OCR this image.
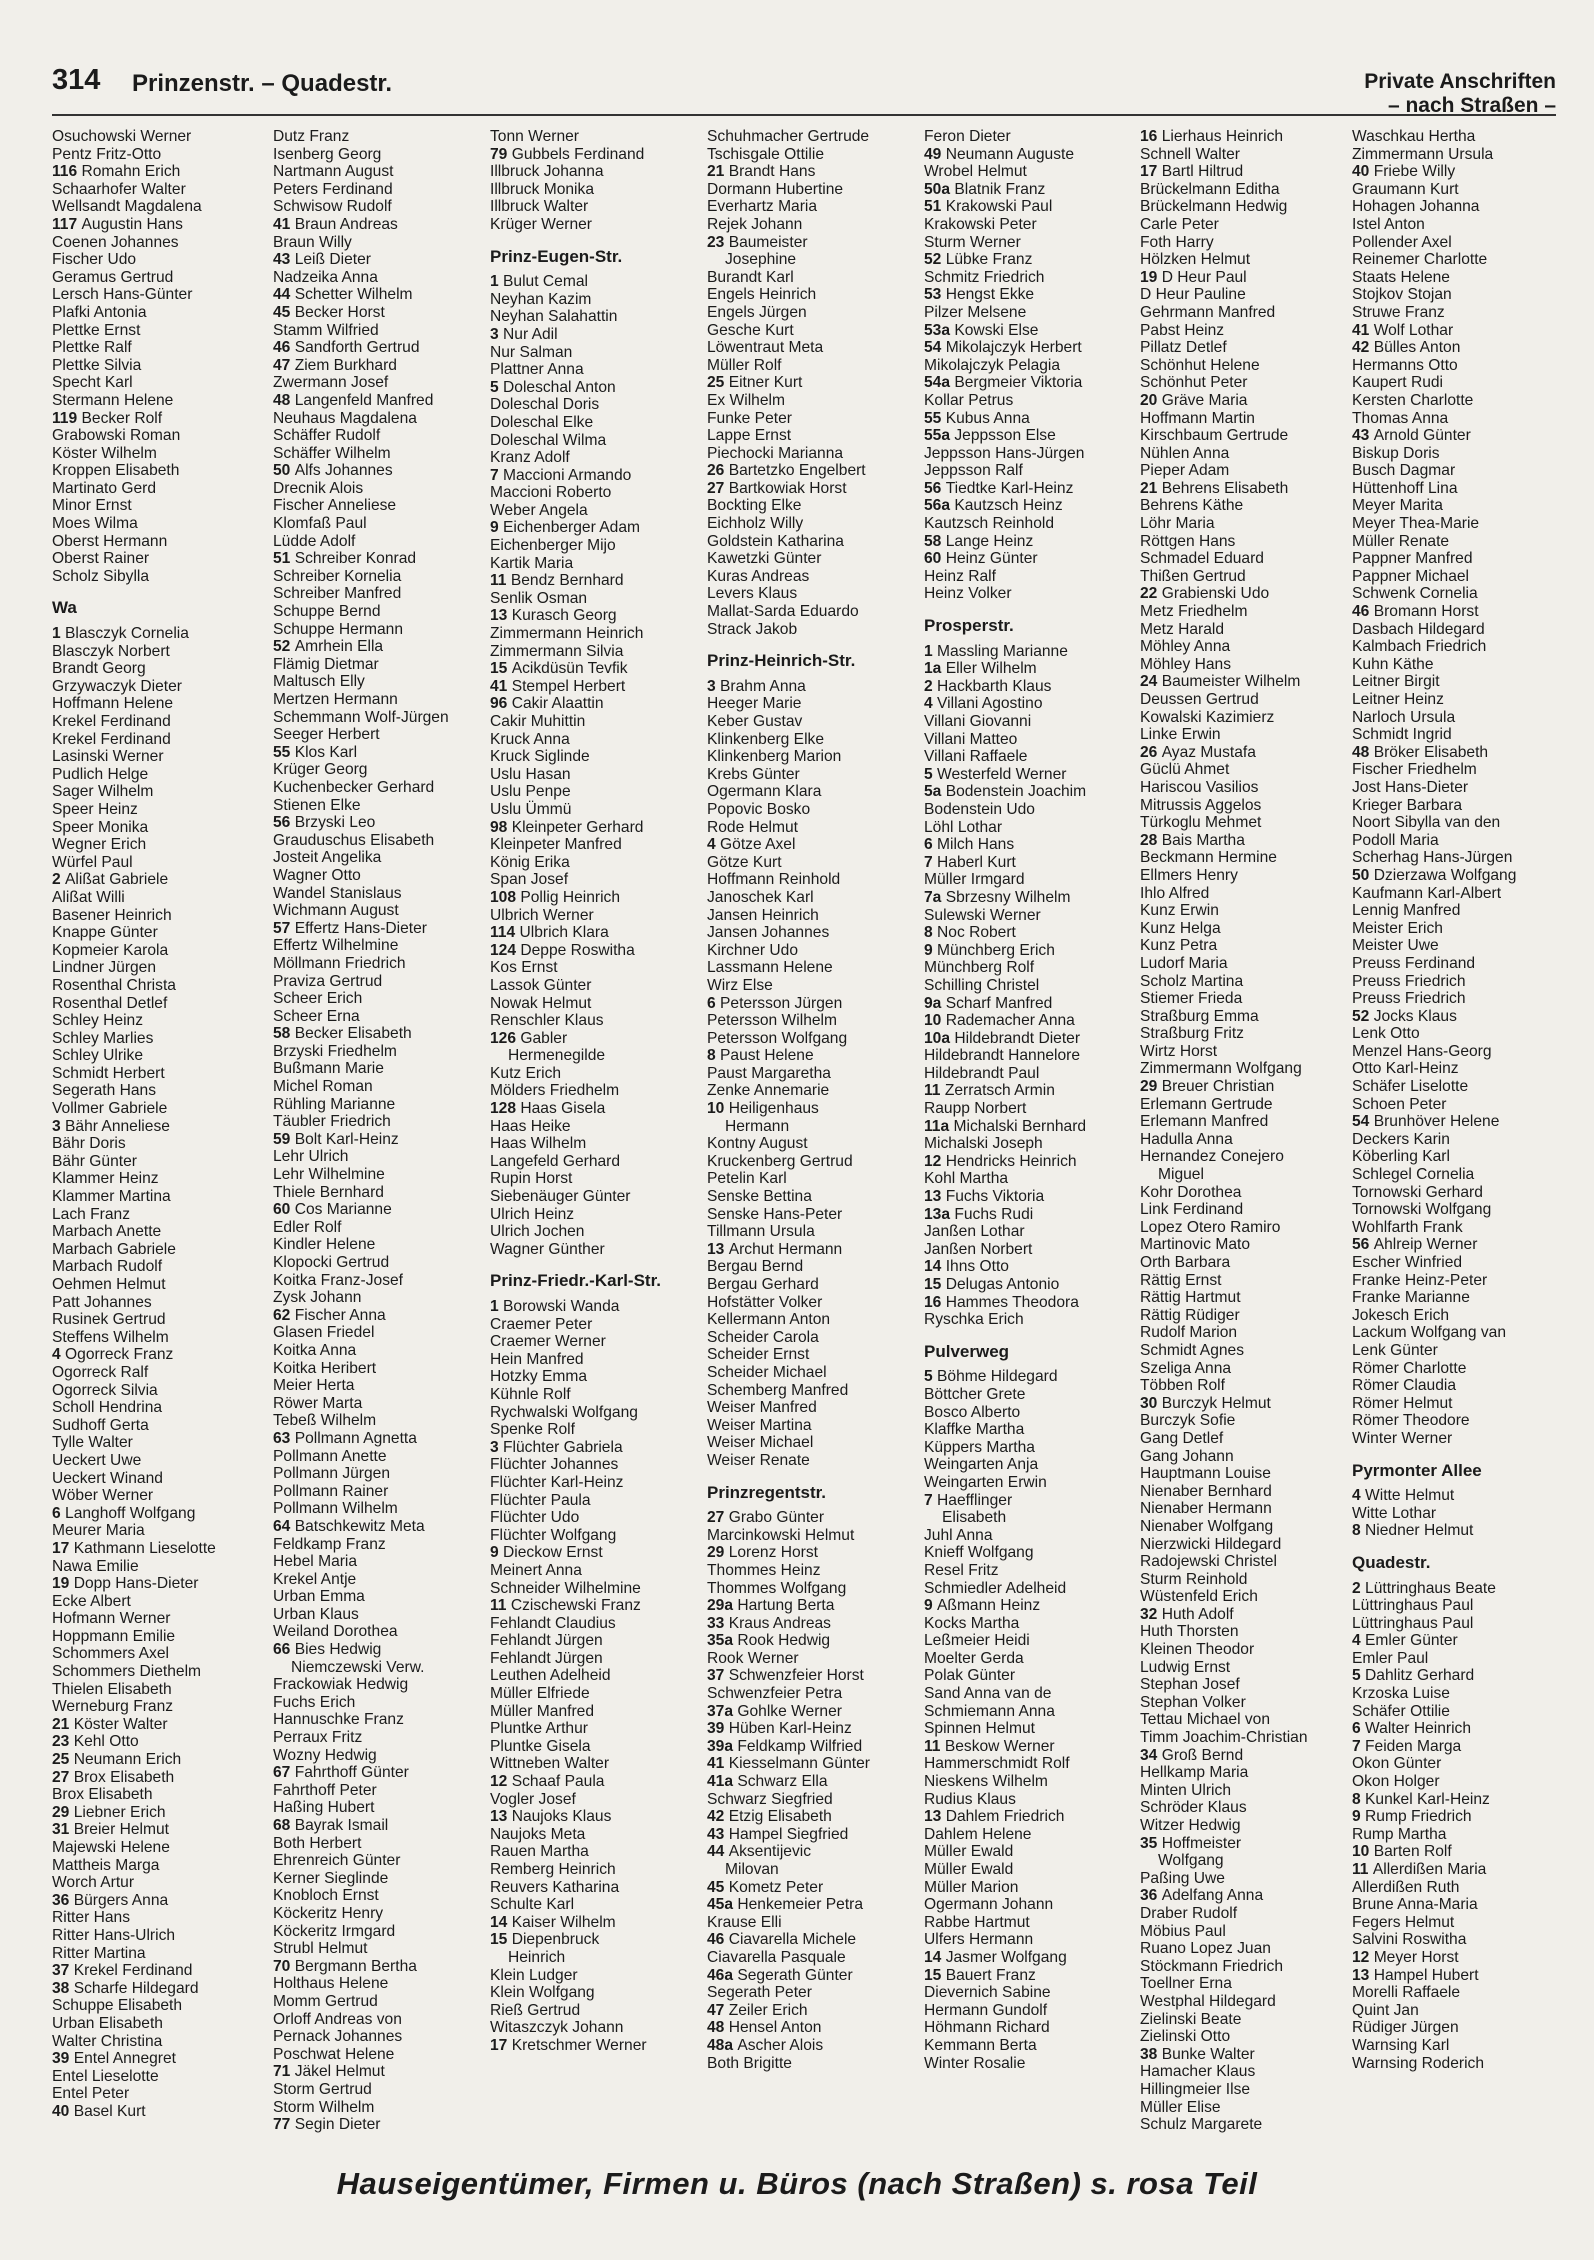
314 Prinzenstr. – Quadestr.	Private Anschriften
– nach Straßen –
Osuchowski Werner
Pentz Fritz-Otto
116 Romahn Erich
Schaarhofer Walter
Wellsandt Magdalena
117 Augustin Hans
Coenen Johannes
Fischer Udo
Geramus Gertrud
Lersch Hans-Günter
Plafki Antonia
Plettke Ernst
Plettke Ralf
Plettke Silvia
Specht Karl
Stermann Helene
119 Becker Rolf
Grabowski Roman
Köster Wilhelm
Kroppen Elisabeth
Martinato Gerd
Minor Ernst
Moes Wilma
Oberst Hermann
Oberst Rainer
Scholz Sibylla
Wa
1 Blasczyk Cornelia
Blasczyk Norbert
Brandt Georg
Grzywaczyk Dieter
Hoffmann Helene
Krekel Ferdinand
Krekel Ferdinand
Lasinski Werner
Pudlich Helge
Sager Wilhelm
Speer Heinz
Speer Monika
Wegner Erich
Würfel Paul
2 Alißat Gabriele
Alißat Willi
Basener Heinrich
Knappe Günter
Kopmeier Karola
Lindner Jürgen
Rosenthal Christa
Rosenthal Detlef
Schley Heinz
Schley Marlies
Schley Ulrike
Schmidt Herbert
Segerath Hans
Vollmer Gabriele
3 Bähr Anneliese
Bähr Doris
Bähr Günter
Klammer Heinz
Klammer Martina
Lach Franz
Marbach Anette
Marbach Gabriele
Marbach Rudolf
Oehmen Helmut
Patt Johannes
Rusinek Gertrud
Steffens Wilhelm
4 Ogorreck Franz
Ogorreck Ralf
Ogorreck Silvia
Scholl Hendrina
Sudhoff Gerta
Tylle Walter
Ueckert Uwe
Ueckert Winand
Wöber Werner
6 Langhoff Wolfgang
Meurer Maria
17 Kathmann Lieselotte
Nawa Emilie
19 Dopp Hans-Dieter
Ecke Albert
Hofmann Werner
Hoppmann Emilie
Schommers Axel
Schommers Diethelm
Thielen Elisabeth
Werneburg Franz
21 Köster Walter
23 Kehl Otto
25 Neumann Erich
27 Brox Elisabeth
Brox Elisabeth
29 Liebner Erich
31 Breier Helmut
Majewski Helene
Mattheis Marga
Worch Artur
36 Bürgers Anna
Ritter Hans
Ritter Hans-Ulrich
Ritter Martina
37 Krekel Ferdinand
38 Scharfe Hildegard
Schuppe Elisabeth
Urban Elisabeth
Walter Christina
39 Entel Annegret
Entel Lieselotte
Entel Peter
40 Basel Kurt
Dutz Franz
Isenberg Georg
Nartmann August
Peters Ferdinand
Schwisow Rudolf
41 Braun Andreas
Braun Willy
43 Leiß Dieter
Nadzeika Anna
44 Schetter Wilhelm
45 Becker Horst
Stamm Wilfried
46 Sandforth Gertrud
47 Ziem Burkhard
Zwermann Josef
48 Langenfeld Manfred
Neuhaus Magdalena
Schäffer Rudolf
Schäffer Wilhelm
50 Alfs Johannes
Drecnik Alois
Fischer Anneliese
Klomfaß Paul
Lüdde Adolf
51 Schreiber Konrad
Schreiber Kornelia
Schreiber Manfred
Schuppe Bernd
Schuppe Hermann
52 Amrhein Ella
Flämig Dietmar
Maltusch Elly
Mertzen Hermann
Schemmann Wolf-Jürgen
Seeger Herbert
55 Klos Karl
Krüger Georg
Kuchenbecker Gerhard
Stienen Elke
56 Brzyski Leo
Grauduschus Elisabeth
Josteit Angelika
Wagner Otto
Wandel Stanislaus
Wichmann August
57 Effertz Hans-Dieter
Effertz Wilhelmine
Möllmann Friedrich
Praviza Gertrud
Scheer Erich
Scheer Erna
58 Becker Elisabeth
Brzyski Friedhelm
Bußmann Marie
Michel Roman
Rühling Marianne
Täubler Friedrich
59 Bolt Karl-Heinz
Lehr Ulrich
Lehr Wilhelmine
Thiele Bernhard
60 Cos Marianne
Edler Rolf
Kindler Helene
Klopocki Gertrud
Koitka Franz-Josef
Zysk Johann
62 Fischer Anna
Glasen Friedel
Koitka Anna
Koitka Heribert
Meier Herta
Röwer Marta
Tebeß Wilhelm
63 Pollmann Agnetta
Pollmann Anette
Pollmann Jürgen
Pollmann Rainer
Pollmann Wilhelm
64 Batschkewitz Meta
Feldkamp Franz
Hebel Maria
Krekel Antje
Urban Emma
Urban Klaus
Weiland Dorothea
66 Bies Hedwig
Niemczewski Verw.
Frackowiak Hedwig
Fuchs Erich
Hannuschke Franz
Perraux Fritz
Wozny Hedwig
67 Fahrthoff Günter
Fahrthoff Peter
Haßing Hubert
68 Bayrak Ismail
Both Herbert
Ehrenreich Günter
Kerner Sieglinde
Knobloch Ernst
Köckeritz Henry
Köckeritz Irmgard
Strubl Helmut
70 Bergmann Bertha
Holthaus Helene
Momm Gertrud
Orloff Andreas von
Pernack Johannes
Poschwat Helene
71 Jäkel Helmut
Storm Gertrud
Storm Wilhelm
77 Segin Dieter
Tonn Werner
79 Gubbels Ferdinand
Illbruck Johanna
Illbruck Monika
Illbruck Walter
Krüger Werner
Prinz-Eugen-Str.
1 Bulut Cemal
Neyhan Kazim
Neyhan Salahattin
3 Nur Adil
Nur Salman
Plattner Anna
5 Doleschal Anton
Doleschal Doris
Doleschal Elke
Doleschal Wilma
Kranz Adolf
7 Maccioni Armando
Maccioni Roberto
Weber Angela
9 Eichenberger Adam
Eichenberger Mijo
Kartik Maria
11 Bendz Bernhard
Senlik Osman
13 Kurasch Georg
Zimmermann Heinrich
Zimmermann Silvia
15 Acikdüsün Tevfik
41 Stempel Herbert
96 Cakir Alaattin
Cakir Muhittin
Kruck Anna
Kruck Siglinde
Uslu Hasan
Uslu Penpe
Uslu Ümmü
98 Kleinpeter Gerhard
Kleinpeter Manfred
König Erika
Span Josef
108 Pollig Heinrich
Ulbrich Werner
114 Ulbrich Klara
124 Deppe Roswitha
Kos Ernst
Lassok Günter
Nowak Helmut
Renschler Klaus
126 Gabler
Hermenegilde
Kutz Erich
Mölders Friedhelm
128 Haas Gisela
Haas Heike
Haas Wilhelm
Langefeld Gerhard
Rupin Horst
Siebenäuger Günter
Ulrich Heinz
Ulrich Jochen
Wagner Günther
Prinz-Friedr.-Karl-Str.
1 Borowski Wanda
Craemer Peter
Craemer Werner
Hein Manfred
Hotzky Emma
Kühnle Rolf
Rychwalski Wolfgang
Spenke Rolf
3 Flüchter Gabriela
Flüchter Johannes
Flüchter Karl-Heinz
Flüchter Paula
Flüchter Udo
Flüchter Wolfgang
9 Dieckow Ernst
Meinert Anna
Schneider Wilhelmine
11 Czischewski Franz
Fehlandt Claudius
Fehlandt Jürgen
Fehlandt Jürgen
Leuthen Adelheid
Müller Elfriede
Müller Manfred
Pluntke Arthur
Pluntke Gisela
Wittneben Walter
12 Schaaf Paula
Vogler Josef
13 Naujoks Klaus
Naujoks Meta
Rauen Martha
Remberg Heinrich
Reuvers Katharina
Schulte Karl
14 Kaiser Wilhelm
15 Diepenbruck
Heinrich
Klein Ludger
Klein Wolfgang
Rieß Gertrud
Witaszczyk Johann
17 Kretschmer Werner
Schuhmacher Gertrude
Tschisgale Ottilie
21 Brandt Hans
Dormann Hubertine
Everhartz Maria
Rejek Johann
23 Baumeister
Josephine
Burandt Karl
Engels Heinrich
Engels Jürgen
Gesche Kurt
Löwentraut Meta
Müller Rolf
25 Eitner Kurt
Ex Wilhelm
Funke Peter
Lappe Ernst
Piechocki Marianna
26 Bartetzko Engelbert
27 Bartkowiak Horst
Bockting Elke
Eichholz Willy
Goldstein Katharina
Kawetzki Günter
Kuras Andreas
Levers Klaus
Mallat-Sarda Eduardo
Strack Jakob
Prinz-Heinrich-Str.
3 Brahm Anna
Heeger Marie
Keber Gustav
Klinkenberg Elke
Klinkenberg Marion
Krebs Günter
Ogermann Klara
Popovic Bosko
Rode Helmut
4 Götze Axel
Götze Kurt
Hoffmann Reinhold
Janoschek Karl
Jansen Heinrich
Jansen Johannes
Kirchner Udo
Lassmann Helene
Wirz Else
6 Petersson Jürgen
Petersson Wilhelm
Petersson Wolfgang
8 Paust Helene
Paust Margaretha
Zenke Annemarie
10 Heiligenhaus
Hermann
Kontny August
Kruckenberg Gertrud
Petelin Karl
Senske Bettina
Senske Hans-Peter
Tillmann Ursula
13 Archut Hermann
Bergau Bernd
Bergau Gerhard
Hofstätter Volker
Kellermann Anton
Scheider Carola
Scheider Ernst
Scheider Michael
Schemberg Manfred
Weiser Manfred
Weiser Martina
Weiser Michael
Weiser Renate
Prinzregentstr.
27 Grabo Günter
Marcinkowski Helmut
29 Lorenz Horst
Thommes Heinz
Thommes Wolfgang
29a Hartung Berta
33 Kraus Andreas
35a Rook Hedwig
Rook Werner
37 Schwenzfeier Horst
Schwenzfeier Petra
37a Gohlke Werner
39 Hüben Karl-Heinz
39a Feldkamp Wilfried
41 Kiesselmann Günter
41a Schwarz Ella
Schwarz Siegfried
42 Etzig Elisabeth
43 Hampel Siegfried
44 Aksentijevic
Milovan
45 Kometz Peter
45a Henkemeier Petra
Krause Elli
46 Ciavarella Michele
Ciavarella Pasquale
46a Segerath Günter
Segerath Peter
47 Zeiler Erich
48 Hensel Anton
48a Ascher Alois
Both Brigitte
Feron Dieter
49 Neumann Auguste
Wrobel Helmut
50a Blatnik Franz
51 Krakowski Paul
Krakowski Peter
Sturm Werner
52 Lübke Franz
Schmitz Friedrich
53 Hengst Ekke
Pilzer Melsene
53a Kowski Else
54 Mikolajczyk Herbert
Mikolajczyk Pelagia
54a Bergmeier Viktoria
Kollar Petrus
55 Kubus Anna
55a Jeppsson Else
Jeppsson Hans-Jürgen
Jeppsson Ralf
56 Tiedtke Karl-Heinz
56a Kautzsch Heinz
Kautzsch Reinhold
58 Lange Heinz
60 Heinz Günter
Heinz Ralf
Heinz Volker
Prosperstr.
1 Massling Marianne
1a Eller Wilhelm
2 Hackbarth Klaus
4 Villani Agostino
Villani Giovanni
Villani Matteo
Villani Raffaele
5 Westerfeld Werner
5a Bodenstein Joachim
Bodenstein Udo
Löhl Lothar
6 Milch Hans
7 Haberl Kurt
Müller Irmgard
7a Sbrzesny Wilhelm
Sulewski Werner
8 Noc Robert
9 Münchberg Erich
Münchberg Rolf
Schilling Christel
9a Scharf Manfred
10 Rademacher Anna
10a Hildebrandt Dieter
Hildebrandt Hannelore
Hildebrandt Paul
11 Zerratsch Armin
Raupp Norbert
11a Michalski Bernhard
Michalski Joseph
12 Hendricks Heinrich
Kohl Martha
13 Fuchs Viktoria
13a Fuchs Rudi
Janßen Lothar
Janßen Norbert
14 Ihns Otto
15 Delugas Antonio
16 Hammes Theodora
Ryschka Erich
Pulverweg
5 Böhme Hildegard
Böttcher Grete
Bosco Alberto
Klaffke Martha
Küppers Martha
Weingarten Anja
Weingarten Erwin
7 Haefflinger
Elisabeth
Juhl Anna
Knieff Wolfgang
Resel Fritz
Schmiedler Adelheid
9 Aßmann Heinz
Kocks Martha
Leßmeier Heidi
Moelter Gerda
Polak Günter
Sand Anna van de
Schmiemann Anna
Spinnen Helmut
11 Beskow Werner
Hammerschmidt Rolf
Nieskens Wilhelm
Rudius Klaus
13 Dahlem Friedrich
Dahlem Helene
Müller Ewald
Müller Ewald
Müller Marion
Ogermann Johann
Rabbe Hartmut
Ulfers Hermann
14 Jasmer Wolfgang
15 Bauert Franz
Dievernich Sabine
Hermann Gundolf
Höhmann Richard
Kemmann Berta
Winter Rosalie
16 Lierhaus Heinrich
Schnell Walter
17 Bartl Hiltrud
Brückelmann Editha
Brückelmann Hedwig
Carle Peter
Foth Harry
Hölzken Helmut
19 D Heur Paul
D Heur Pauline
Gehrmann Manfred
Pabst Heinz
Pillatz Detlef
Schönhut Helene
Schönhut Peter
20 Gräve Maria
Hoffmann Martin
Kirschbaum Gertrude
Nühlen Anna
Pieper Adam
21 Behrens Elisabeth
Behrens Käthe
Löhr Maria
Röttgen Hans
Schmadel Eduard
Thißen Gertrud
22 Grabienski Udo
Metz Friedhelm
Metz Harald
Möhley Anna
Möhley Hans
24 Baumeister Wilhelm
Deussen Gertrud
Kowalski Kazimierz
Linke Erwin
26 Ayaz Mustafa
Güclü Ahmet
Hariscou Vasilios
Mitrussis Aggelos
Türkoglu Mehmet
28 Bais Martha
Beckmann Hermine
Ellmers Henry
Ihlo Alfred
Kunz Erwin
Kunz Helga
Kunz Petra
Ludorf Maria
Scholz Martina
Stiemer Frieda
Straßburg Emma
Straßburg Fritz
Wirtz Horst
Zimmermann Wolfgang
29 Breuer Christian
Erlemann Gertrude
Erlemann Manfred
Hadulla Anna
Hernandez Conejero
Miguel
Kohr Dorothea
Link Ferdinand
Lopez Otero Ramiro
Martinovic Mato
Orth Barbara
Rättig Ernst
Rättig Hartmut
Rättig Rüdiger
Rudolf Marion
Schmidt Agnes
Szeliga Anna
Többen Rolf
30 Burczyk Helmut
Burczyk Sofie
Gang Detlef
Gang Johann
Hauptmann Louise
Nienaber Bernhard
Nienaber Hermann
Nienaber Wolfgang
Nierzwicki Hildegard
Radojewski Christel
Sturm Reinhold
Wüstenfeld Erich
32 Huth Adolf
Huth Thorsten
Kleinen Theodor
Ludwig Ernst
Stephan Josef
Stephan Volker
Tettau Michael von
Timm Joachim-Christian
34 Groß Bernd
Hellkamp Maria
Minten Ulrich
Schröder Klaus
Witzer Hedwig
35 Hoffmeister
Wolfgang
Paßing Uwe
36 Adelfang Anna
Draber Rudolf
Möbius Paul
Ruano Lopez Juan
Stöckmann Friedrich
Toellner Erna
Westphal Hildegard
Zielinski Beate
Zielinski Otto
38 Bunke Walter
Hamacher Klaus
Hillingmeier Ilse
Müller Elise
Schulz Margarete
Waschkau Hertha
Zimmermann Ursula
40 Friebe Willy
Graumann Kurt
Hohagen Johanna
Istel Anton
Pollender Axel
Reinemer Charlotte
Staats Helene
Stojkov Stojan
Struwe Franz
41 Wolf Lothar
42 Bülles Anton
Hermanns Otto
Kaupert Rudi
Kersten Charlotte
Thomas Anna
43 Arnold Günter
Biskup Doris
Busch Dagmar
Hüttenhoff Lina
Meyer Marita
Meyer Thea-Marie
Müller Renate
Pappner Manfred
Pappner Michael
Schwenk Cornelia
46 Bromann Horst
Dasbach Hildegard
Kalmbach Friedrich
Kuhn Käthe
Leitner Birgit
Leitner Heinz
Narloch Ursula
Schmidt Ingrid
48 Bröker Elisabeth
Fischer Friedhelm
Jost Hans-Dieter
Krieger Barbara
Noort Sibylla van den
Podoll Maria
Scherhag Hans-Jürgen
50 Dzierzawa Wolfgang
Kaufmann Karl-Albert
Lennig Manfred
Meister Erich
Meister Uwe
Preuss Ferdinand
Preuss Friedrich
Preuss Friedrich
52 Jocks Klaus
Lenk Otto
Menzel Hans-Georg
Otto Karl-Heinz
Schäfer Liselotte
Schoen Peter
54 Brunhöver Helene
Deckers Karin
Köberling Karl
Schlegel Cornelia
Tornowski Gerhard
Tornowski Wolfgang
Wohlfarth Frank
56 Ahlreip Werner
Escher Winfried
Franke Heinz-Peter
Franke Marianne
Jokesch Erich
Lackum Wolfgang van
Lenk Günter
Römer Charlotte
Römer Claudia
Römer Helmut
Römer Theodore
Winter Werner
Pyrmonter Allee
4 Witte Helmut
Witte Lothar
8 Niedner Helmut
Quadestr.
2 Lüttringhaus Beate
Lüttringhaus Paul
Lüttringhaus Paul
4 Emler Günter
Emler Paul
5 Dahlitz Gerhard
Krzoska Luise
Schäfer Ottilie
6 Walter Heinrich
7 Feiden Marga
Okon Günter
Okon Holger
8 Kunkel Karl-Heinz
9 Rump Friedrich
Rump Martha
10 Barten Rolf
11 Allerdißen Maria
Allerdißen Ruth
Brune Anna-Maria
Fegers Helmut
Salvini Roswitha
12 Meyer Horst
13 Hampel Hubert
Morelli Raffaele
Quint Jan
Rüdiger Jürgen
Warnsing Karl
Warnsing Roderich
Hauseigentümer, Firmen u. Büros (nach Straßen) s. rosa Teil
